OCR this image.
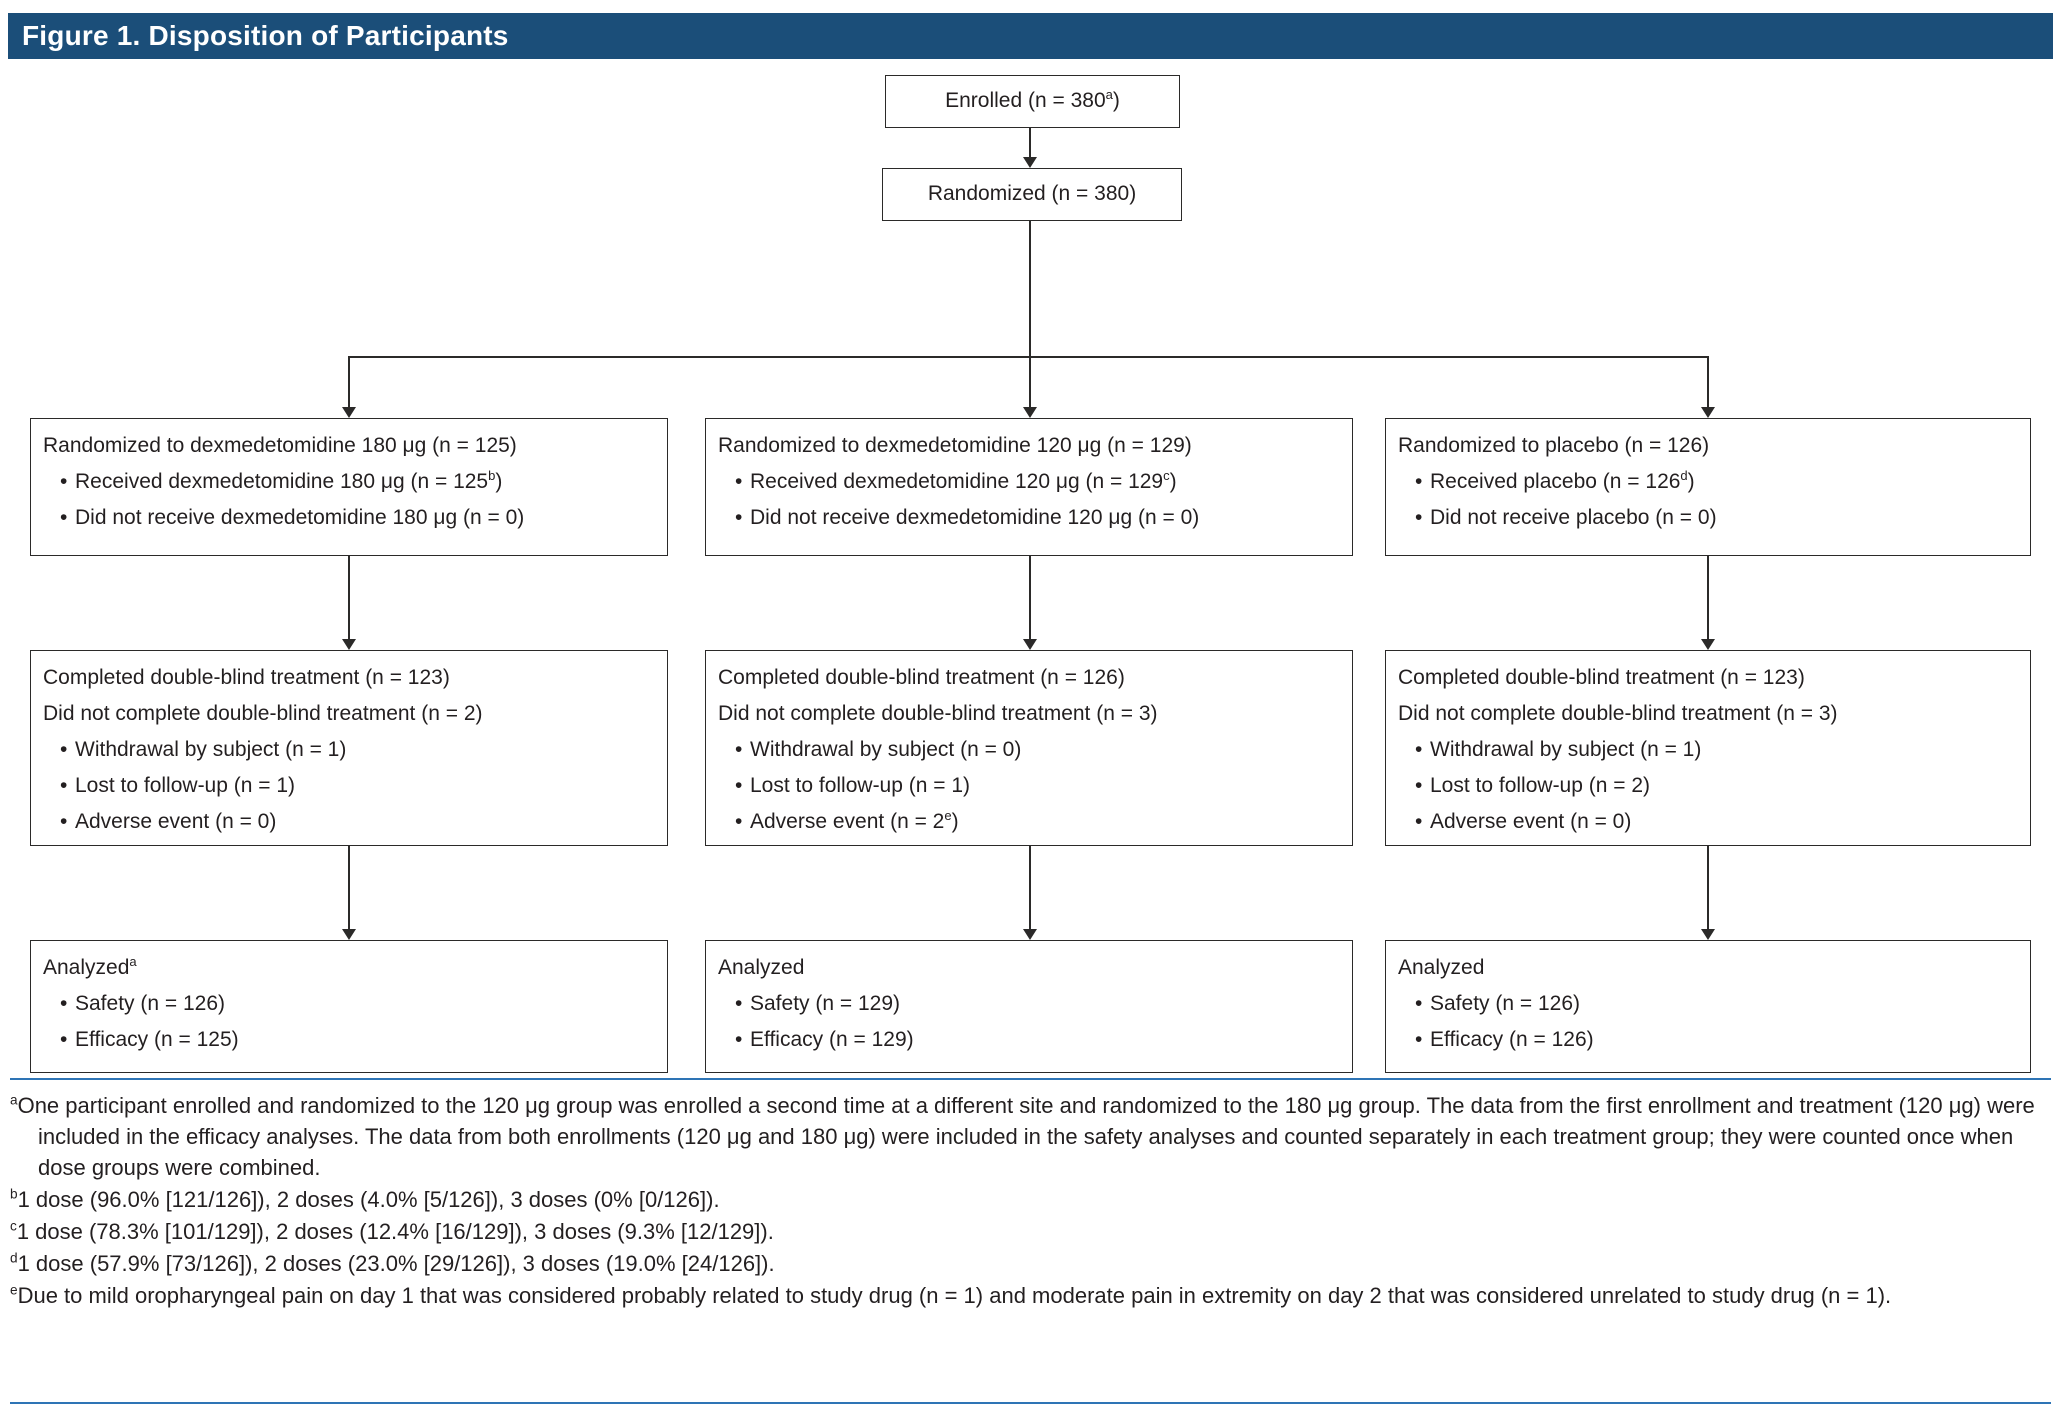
Figure 1. Disposition of Participants
Enrolled $(n = 380^a)$
Randomized (n = 380)
Randomized to dexmedetomidine 180 μg (n = 125)
• Received dexmedetomidine 180 μg $(n = 125^b)$
• Did not receive dexmedetomidine 180 μg (n = 0)
Randomized to dexmedetomidine 120 μg (n = 129)
• Received dexmedetomidine 120 μg $(n = 129^c)$
• Did not receive dexmedetomidine 120 μg (n = 0)
Randomized to placebo (n = 126)
• Received placebo $(n = 126^d)$
• Did not receive placebo (n = 0)
Completed double-blind treatment (n = 123)
Did not complete double-blind treatment (n = 2)
• Withdrawal by subject (n = 1)
• Lost to follow-up (n = 1)
• Adverse event (n = 0)
Completed double-blind treatment (n = 126)
Did not complete double-blind treatment (n = 3)
• Withdrawal by subject (n = 0)
• Lost to follow-up (n = 1)
• Adverse event $(n = 2^e)$
Completed double-blind treatment (n = 123)
Did not complete double-blind treatment (n = 3)
• Withdrawal by subject (n = 1)
• Lost to follow-up (n = 2)
• Adverse event (n = 0)
Analyzed$^a$
• Safety (n = 126)
• Efficacy (n = 125)
Analyzed
• Safety (n = 129)
• Efficacy (n = 129)
Analyzed
• Safety (n = 126)
• Efficacy (n = 126)

$^a$One participant enrolled and randomized to the 120 μg group was enrolled a second time at a different site and randomized to the 180 μg group. The data from the first enrollment and treatment (120 μg) were included in the efficacy analyses. The data from both enrollments (120 μg and 180 μg) were included in the safety analyses and counted separately in each treatment group; they were counted once when dose groups were combined.

$^b$1 dose (96.0% [121/126]), 2 doses (4.0% [5/126]), 3 doses (0% [0/126]).

$^c$1 dose (78.3% [101/129]), 2 doses (12.4% [16/129]), 3 doses (9.3% [12/129]).

$^d$1 dose (57.9% [73/126]), 2 doses (23.0% [29/126]), 3 doses (19.0% [24/126]).

$^e$Due to mild oropharyngeal pain on day 1 that was considered probably related to study drug (n = 1) and moderate pain in extremity on day 2 that was considered unrelated to study drug (n = 1).
